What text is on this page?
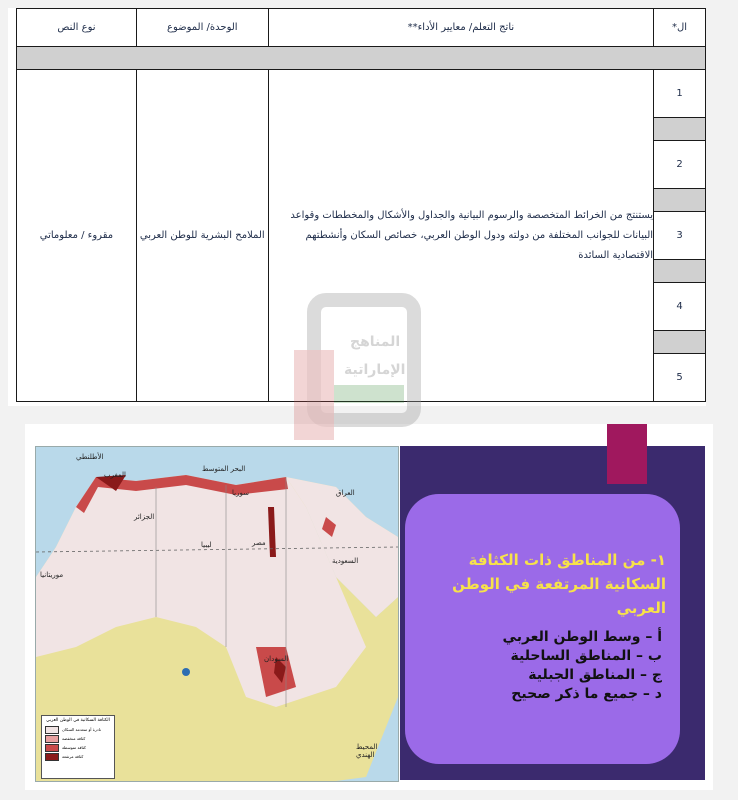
ال*	ناتج التعلم/ معايير الأداء**	الوحدة/ الموضوع	نوع النص

1	يستنتج من الخرائط المتخصصة والرسوم البيانية والجداول والأشكال والمخططات وقواعد البيانات للجوانب المختلفة من دولته ودول الوطن العربي، خصائص السكان وأنشطتهم الاقتصادية السائدة	الملامح البشرية للوطن العربي	مقروء / معلوماتي

2			

3			

4			

5			
الأطلنطي
المغرب
الجزائر
ليبيا	مصر
البحر المتوسط
سوريا	العراق
السعودية
السودان
موريتانيا
المحيط الهندي
الكثافة السكانية في الوطن العربي
نادرة أو منعدمة السكان
كثافة منخفضة
كثافة متوسطة
كثافة مرتفعة
١- من المناطق ذات الكثافة السكانية المرتفعة في الوطن العربي
أ – وسط الوطن العربي
ب – المناطق الساحلية
ج – المناطق الجبلية
د – جميع ما ذكر صحيح
المناهج
الإماراتية
